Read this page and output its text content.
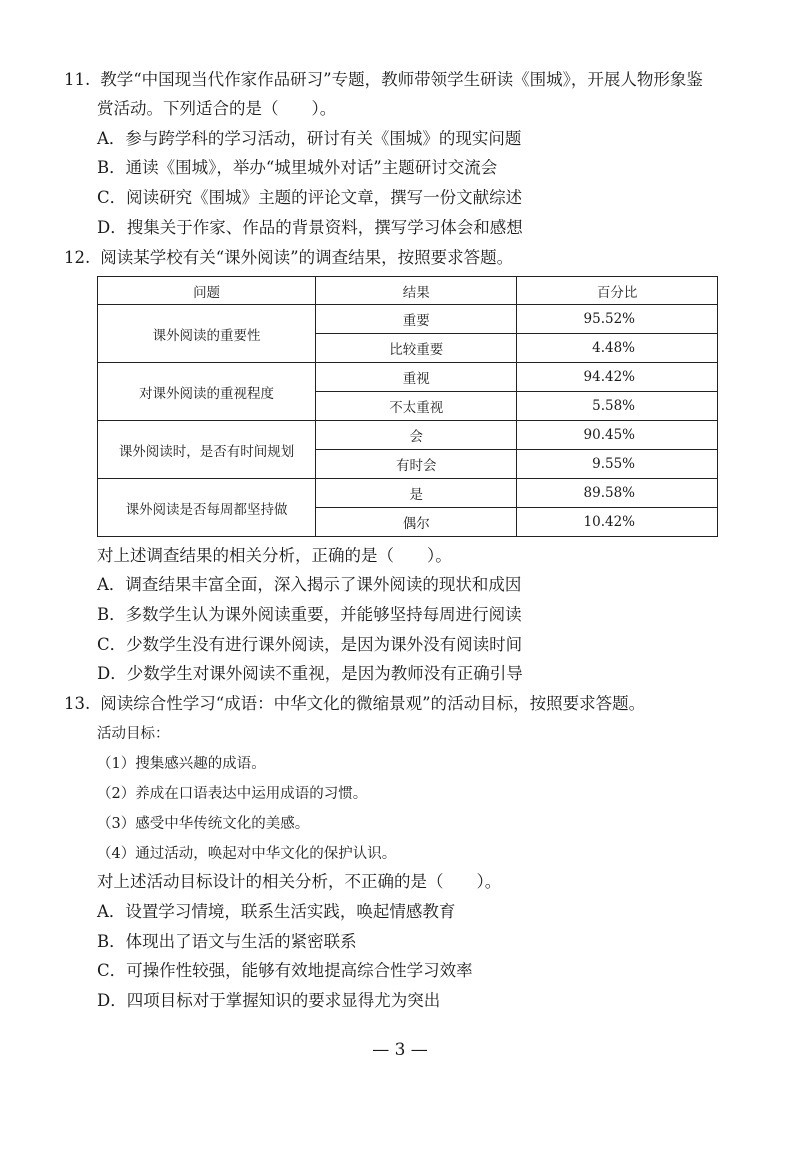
11. 教学“中国现当代作家作品研习”专题，教师带领学生研读《围城》，开展人物形象鉴
赏活动。下列适合的是（　　）。
A．参与跨学科的学习活动，研讨有关《围城》的现实问题
B．通读《围城》，举办“城里城外对话”主题研讨交流会
C．阅读研究《围城》主题的评论文章，撰写一份文献综述
D．搜集关于作家、作品的背景资料，撰写学习体会和感想
12. 阅读某学校有关“课外阅读”的调查结果，按照要求答题。
问题	结果	百分比
课外阅读的重要性	重要	95.52%
	比较重要	4.48%
对课外阅读的重视程度	重视	94.42%
	不太重视	5.58%
课外阅读时，是否有时间规划	会	90.45%
	有时会	9.55%
课外阅读是否每周都坚持做	是	89.58%
	偶尔	10.42%
对上述调查结果的相关分析，正确的是（　　）。
A．调查结果丰富全面，深入揭示了课外阅读的现状和成因
B．多数学生认为课外阅读重要，并能够坚持每周进行阅读
C．少数学生没有进行课外阅读，是因为课外没有阅读时间
D．少数学生对课外阅读不重视，是因为教师没有正确引导
13. 阅读综合性学习“成语：中华文化的微缩景观”的活动目标，按照要求答题。
活动目标：
（1）搜集感兴趣的成语。
（2）养成在口语表达中运用成语的习惯。
（3）感受中华传统文化的美感。
（4）通过活动，唤起对中华文化的保护认识。
对上述活动目标设计的相关分析，不正确的是（　　）。
A．设置学习情境，联系生活实践，唤起情感教育
B．体现出了语文与生活的紧密联系
C．可操作性较强，能够有效地提高综合性学习效率
D．四项目标对于掌握知识的要求显得尤为突出
— 3 —
